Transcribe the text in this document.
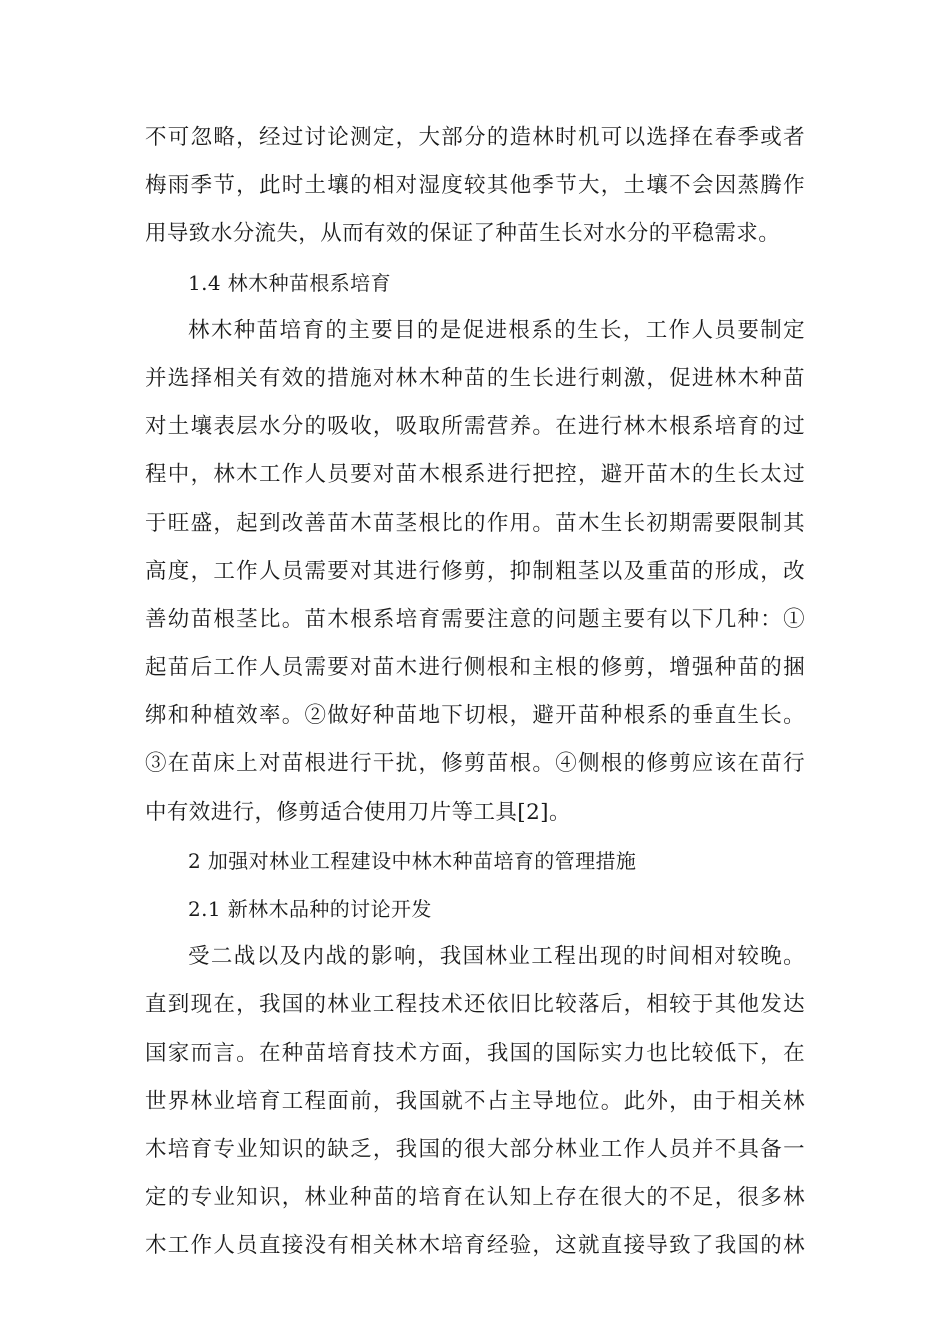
不可忽略，经过讨论测定，大部分的造林时机可以选择在春季或者
梅雨季节，此时土壤的相对湿度较其他季节大，土壤不会因蒸腾作
用导致水分流失，从而有效的保证了种苗生长对水分的平稳需求。
1.4 林木种苗根系培育
林木种苗培育的主要目的是促进根系的生长，工作人员要制定
并选择相关有效的措施对林木种苗的生长进行刺激，促进林木种苗
对土壤表层水分的吸收，吸取所需营养。在进行林木根系培育的过
程中，林木工作人员要对苗木根系进行把控，避开苗木的生长太过
于旺盛，起到改善苗木苗茎根比的作用。苗木生长初期需要限制其
高度，工作人员需要对其进行修剪，抑制粗茎以及重苗的形成，改
善幼苗根茎比。苗木根系培育需要注意的问题主要有以下几种：①
起苗后工作人员需要对苗木进行侧根和主根的修剪，增强种苗的捆
绑和种植效率。②做好种苗地下切根，避开苗种根系的垂直生长。
③在苗床上对苗根进行干扰，修剪苗根。④侧根的修剪应该在苗行
中有效进行，修剪适合使用刀片等工具[2]。
2 加强对林业工程建设中林木种苗培育的管理措施
2.1 新林木品种的讨论开发
受二战以及内战的影响，我国林业工程出现的时间相对较晚。
直到现在，我国的林业工程技术还依旧比较落后，相较于其他发达
国家而言。在种苗培育技术方面，我国的国际实力也比较低下，在
世界林业培育工程面前，我国就不占主导地位。此外，由于相关林
木培育专业知识的缺乏，我国的很大部分林业工作人员并不具备一
定的专业知识，林业种苗的培育在认知上存在很大的不足，很多林
木工作人员直接没有相关林木培育经验，这就直接导致了我国的林
